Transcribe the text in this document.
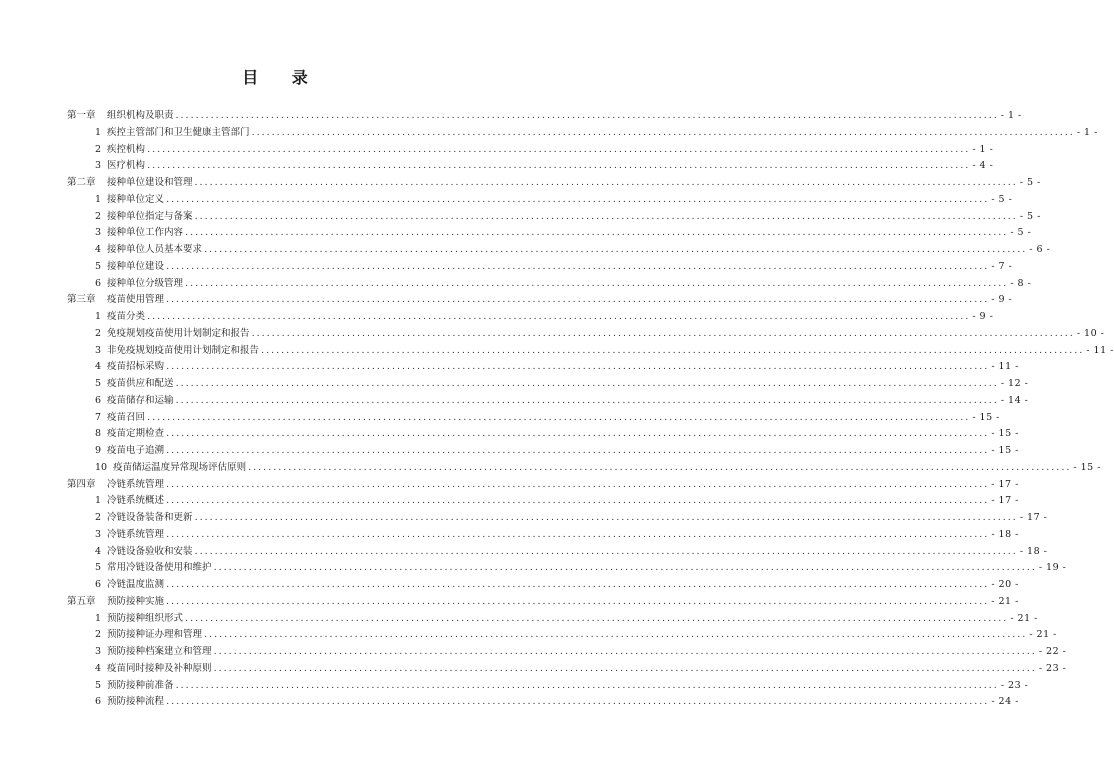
目 录
第一章	组织机构及职责 .................................................................................................................................................................... - 1 -
1 疾控主管部门和卫生健康主管部门 .................................................................................................................................................................... - 1 -
2 疾控机构 .................................................................................................................................................................... - 1 -
3 医疗机构 .................................................................................................................................................................... - 4 -
第二章	接种单位建设和管理 .................................................................................................................................................................... - 5 -
1 接种单位定义 .................................................................................................................................................................... - 5 -
2 接种单位指定与备案 .................................................................................................................................................................... - 5 -
3 接种单位工作内容 .................................................................................................................................................................... - 5 -
4 接种单位人员基本要求 .................................................................................................................................................................... - 6 -
5 接种单位建设 .................................................................................................................................................................... - 7 -
6 接种单位分级管理 .................................................................................................................................................................... - 8 -
第三章	疫苗使用管理 .................................................................................................................................................................... - 9 -
1 疫苗分类 .................................................................................................................................................................... - 9 -
2 免疫规划疫苗使用计划制定和报告 .................................................................................................................................................................... - 10 -
3 非免疫规划疫苗使用计划制定和报告 .................................................................................................................................................................... - 11 -
4 疫苗招标采购 .................................................................................................................................................................... - 11 -
5 疫苗供应和配送 .................................................................................................................................................................... - 12 -
6 疫苗储存和运输 .................................................................................................................................................................... - 14 -
7 疫苗召回 .................................................................................................................................................................... - 15 -
8 疫苗定期检查 .................................................................................................................................................................... - 15 -
9 疫苗电子追溯 .................................................................................................................................................................... - 15 -
10 疫苗储运温度异常现场评估原则 .................................................................................................................................................................... - 15 -
第四章	冷链系统管理 .................................................................................................................................................................... - 17 -
1 冷链系统概述 .................................................................................................................................................................... - 17 -
2 冷链设备装备和更新 .................................................................................................................................................................... - 17 -
3 冷链系统管理 .................................................................................................................................................................... - 18 -
4 冷链设备验收和安装 .................................................................................................................................................................... - 18 -
5 常用冷链设备使用和维护 .................................................................................................................................................................... - 19 -
6 冷链温度监测 .................................................................................................................................................................... - 20 -
第五章	预防接种实施 .................................................................................................................................................................... - 21 -
1 预防接种组织形式 .................................................................................................................................................................... - 21 -
2 预防接种证办理和管理 .................................................................................................................................................................... - 21 -
3 预防接种档案建立和管理 .................................................................................................................................................................... - 22 -
4 疫苗同时接种及补种原则 .................................................................................................................................................................... - 23 -
5 预防接种前准备 .................................................................................................................................................................... - 23 -
6 预防接种流程 .................................................................................................................................................................... - 24 -
